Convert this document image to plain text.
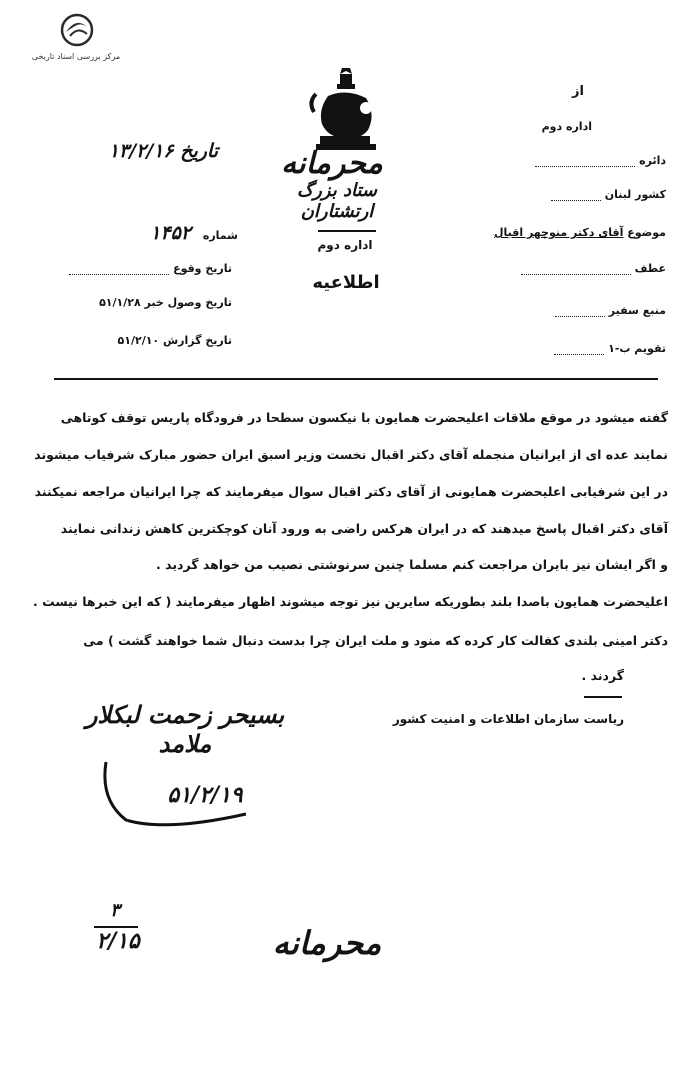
مرکز بررسی اسناد تاریخی
محرمانه
ستاد بزرگ ارتشتاران
اداره دوم
اطلاعیه
تاریخ ۱۳/۲/۱۶
شماره ۱۴۵۲
تاریخ وقوع
تاریخ وصول خبر ۵۱/۱/۲۸
تاریخ گزارش ۵۱/۲/۱۰
از
اداره دوم
دائره
کشور لبنان
موضوع آقای دکتر منوچهر اقبال
عطف
منبع سفیر
تقویم ب-۱
گفته میشود در موقع ملاقات اعلیحضرت همایون با نیکسون سطحا در فرودگاه پاریس توقف کوتاهی
نمایند عده ای از ایرانیان منجمله آقای دکتر اقبال نخست وزیر اسبق ایران حضور مبارک شرفیاب میشوند
در این شرفیابی اعلیحضرت همایونی از آقای دکتر اقبال سوال میفرمایند که چرا ایرانیان مراجعه نمیکنند
آقای دکتر اقبال پاسخ میدهند که در ایران هرکس راضی به ورود آنان کوچکترین کاهش زندانی نمایند
و اگر ایشان نیز بایران مراجعت کنم مسلما چنین سرنوشتی نصیب من خواهد گردید .
اعلیحضرت همایون باصدا بلند بطوریکه سایرین نیز توجه میشوند اظهار میفرمایند ( که این خبرها نیست .
دکتر امینی بلندی کفالت کار کرده که منود و ملت ایران چرا بدست دنبال شما خواهند گشت ) می
گردند .
ریاست سازمان اطلاعات و امنیت کشور
بسیحر زحمت لبکلار ملامد
۵۱/۲/۱۹
۳
۲/۱۵	محرمانه
